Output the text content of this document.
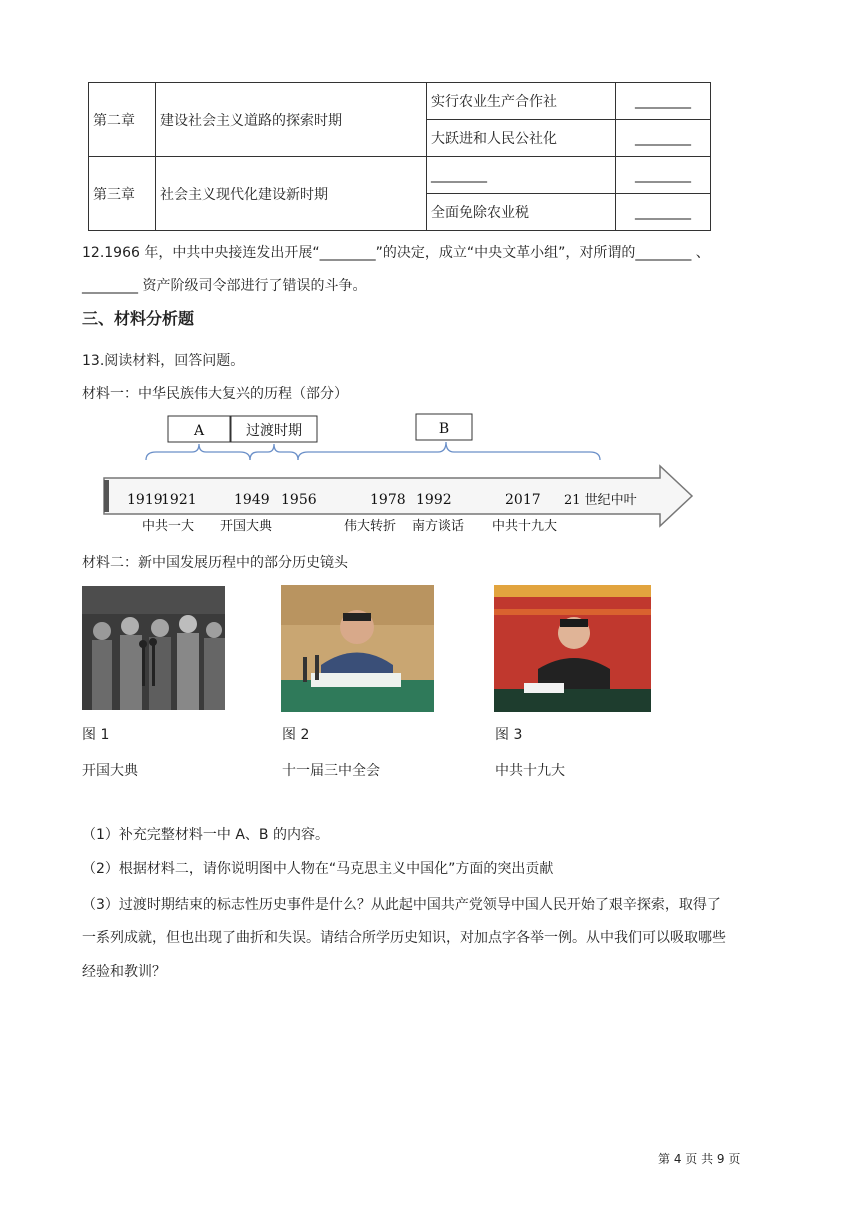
第二章	建设社会主义道路的探索时期	实行农业生产合作社	________
		大跃进和人民公社化	________
第三章	社会主义现代化建设新时期	________	________
		全面免除农业税	________
12.1966 年，中共中央接连发出开展“________”的决定，成立“中央文革小组”，对所谓的________ 、
________ 资产阶级司令部进行了错误的斗争。
三、材料分析题
13.阅读材料，回答问题。
材料一：中华民族伟大复兴的历程（部分）
A	过渡时期	B
1919
1921	1949 1956	1978 1992	2017 21 世纪中叶
中共一大 开国大典	伟大转折 南方谈话 中共十九大
材料二：新中国发展历程中的部分历史镜头
图 1	图 2	图 3
开国大典	十一届三中全会	中共十九大
（1）补充完整材料一中 A、B 的内容。
（2）根据材料二，请你说明图中人物在“马克思主义中国化”方面的突出贡献
（3）过渡时期结束的标志性历史事件是什么？从此起中国共产党领导中国人民开始了艰辛探索，取得了
一系列成就，但也出现了曲折和失误。请结合所学历史知识，对加点字各举一例。从中我们可以吸取哪些
经验和教训？
第 4 页 共 9 页
